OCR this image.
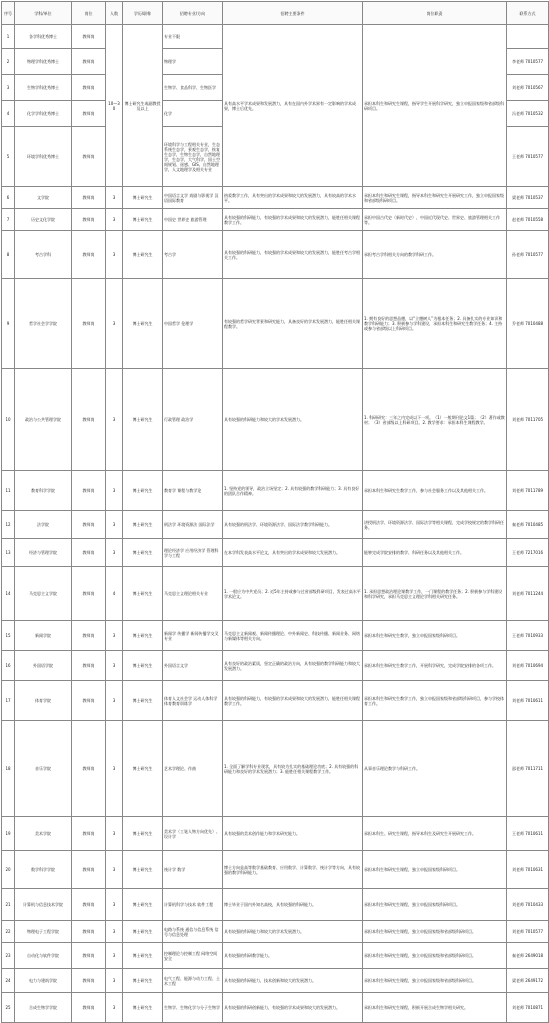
序号	学科/单位	岗位	人数	学历/职称	招聘专业/方向	招聘主要条件	岗位职责	联系方式
1	各学科优秀博士	教师岗	10—30	博士研究生或副教授及以上	专业不限	具有高水平学术成果和发展潜力，具有在国内外学术界有一定影响的学术成果，博士后优先。	承担本科生和研究生课程，指导学生开展科学研究，独立申报国家级和省部级科研项目。	
2	物理学科优秀博士	教师岗			物理学			李老师 7010577
3	生物学科优秀博士	教师岗			生物学、食品科学、生物医学			刘老师 7010567
4	化学学科优秀博士	教师岗			化学			冯老师 7010532
5	环境学科优秀博士	教师岗			环境科学与工程相关专业，生态系统生态学，景观生态学，恢复生态学，生物生态学，自然地理学，生态学，大气科学，国土空间规划、遥感、GIS、自然地理学，人文地理学及相关专业			王老师 7010577
6	文学院	教师岗	3	博士研究生	中国语言文学 戏剧与影视学 汉语国际教育	热爱教学工作，具有突出的学术成果和较大的发展潜力，具有较高的学术水平。	承担本科生和研究生课程，指导本科生和研究生开展研究工作，独立申报国家级和省部级科研项目。	梁老师 7010537
7	历史文化学院	教师岗	3	博士研究生	中国史 世界史 旅游管理	具有较强的科研能力，有较强的学术成果和较大的发展潜力，能胜任相关课程教学工作。	承担中国古代史（新时代史）、中国近代现代史、世界史、旅游管理相关工作等。	赵老师 7010558
8	考古学科	教师岗	3	博士研究生	考古学	具有较强的科研能力，有较强的学术成果和较大的发展潜力，能胜任考古学相关工作。	承担考古学科相关方向的教学科研工作。	孙老师 7010577
9	哲学社会学学院	教师岗	3	博士研究生	中国哲学 伦理学	有较强的哲学研究背景和研究能力，具备良好的学术发展潜力，能胜任相关课程教学。	1. 拥有良好的思想品德，以“立德树人”为根本任务；2. 具备扎实的专业知识和教学科研能力；3. 积极参与学科建设，承担本科生和研究生教学任务；4. 主持或参与省部级以上科研项目。	乔老师 7010488
10	政治与公共管理学院	教师岗	3	博士研究生	行政管理 政治学	具有较强的科研能力和较大的学术发展潜力。	1. 科研研究：三年之内完成以下一项。（1）一般期刊论文1篇；（2）著作或教材；（3）省部级以上科研项目。2. 教学要求：承担本科生课程教学。	刘老师 7011705
11	教育科学学院	教师岗	3	博士研究生	教育学 课程与教学论	1. 坚持党的领导，政治立场坚定；2. 具有较强的教学科研能力；3. 具有良好的团队合作精神。	承担本科生和研究生教学工作，参与社会服务工作以及其他相关工作。	刘老师 7011789
12	法学院	教师岗	3	博士研究生	刑法学 环境资源法 国际法学	具有较强的刑法学、环境资源法学、国际法学教学科研能力。	讲授刑法学、环境资源法学、国际法学等相关课程，完成学校规定的教学科研任务。	秦老师 7010485
13	经济与管理学院	教师岗	3	博士研究生	理论经济学 应用经济学 管理科学与工程	在本学科发表高水平论文，具有突出的学术成果和较大发展潜力。	能够完成学院安排的教学、科研任务以及其他相关工作。	王老师 7217016
14	马克思主义学院	教师岗	4	博士研究生	马克思主义理论相关专业	1. 一般应为中共党员；2. 近5年主持或参与过省部级科研项目，发表过高水平学术论文。	1. 承担思想政治理论课教学工作，一门课程的教学任务；2. 积极参与学科建设和科学研究，承担马克思主义理论学科相关研究任务。	刘老师 7011244
15	新闻学院	教师岗	3	博士研究生	新闻学 传播学 新闻传播学交叉专业	马克思主义新闻观、新闻传播理论、中外新闻史、科技传播、新闻业务、网络与新媒体等相关方向。	承担本科生和研究生教学，独立申报国家级科研项目。	王老师 7010933
16	外国语学院	教师岗	3	博士研究生	外国语言文学	具有良好的政治素质，坚定正确的政治方向，具有较强的教学科研能力和较大发展潜力。	承担本科生和研究生教学工作，开展科学研究，完成学院安排的各项工作。	刘老师 7010694
17	体育学院	教师岗	3	博士研究生	体育人文社会学 运动人体科学 体育教育训练学	具有较强的科研能力，有较强的学术成果和较大的发展潜力，能胜任相关课程教学工作。	承担本科生和研究生教学工作，独立申报国家级和省部级科研项目，参与学校体育工作。	刘老师 7010611
18	音乐学院	教师岗	3	博士研究生	艺术学理论、作曲	1. 全面了解学科专业现状，具有较为扎实的基础理论功底；2. 具有较强的科研能力和良好的学术发展潜力；3. 能胜任相关课程教学工作。	从事音乐理论教学与科研工作。	邵老师 7011711
19	美术学院	教师岗	3	博士研究生	美术学（工笔人物方向优先）、设计学	具有较强的美术创作能力和学术研究能力。	承担本科生、研究生课程，指导本科生及研究生开展研究工作。	王老师 7010611
20	数学科学学院	教师岗	3	博士研究生	统计学 数学	博士方向是高等数学基础教育、应用数学、计算数学、统计学等方向，具有较强的教学科研能力。	承担本科生和研究生课程，独立申报国家级科研项目。	刘老师 7010631
21	计算机与信息技术学院	教师岗	3	博士研究生	计算机科学与技术 软件工程	博士毕业于国内外知名高校，具有较强的科研能力。	承担本科生和研究生课程，独立申报国家级科研项目。	刘老师 7010433
22	物理电子工程学院	教师岗	3	博士研究生	电路与系统 通信与信息系统 信号与信息处理	具有较强的科研能力和较大的学术发展潜力。	承担本科生和研究生课程，独立申报国家级和省部级科研项目。	刘老师 7010577
23	自动化与软件学院	教师岗	3	博士研究生	控制理论与控制工程 网络空间安全	具有较强的科研教学能力。	承担本科生和研究生课程，独立申报国家级和省部级科研项目。	秦老师 2649018
24	电力与建筑学院	教师岗	3	博士研究生	电气工程、能源与动力工程、土木工程	具有较强的科研能力，技术创新和较大的发展潜力。	承担本科生和研究生课程，独立申报国家级和省部级科研项目。	梁老师 2649172
25	合成生物学学院	教师岗	3	博士研究生	生物学、生物化学与分子生物学	具有较强的科研创新能力，有较强的学术成果和较大的发展潜力。	承担本科生和研究生课程，积极开展合成生物学相关研究。	刘老师 7010871
